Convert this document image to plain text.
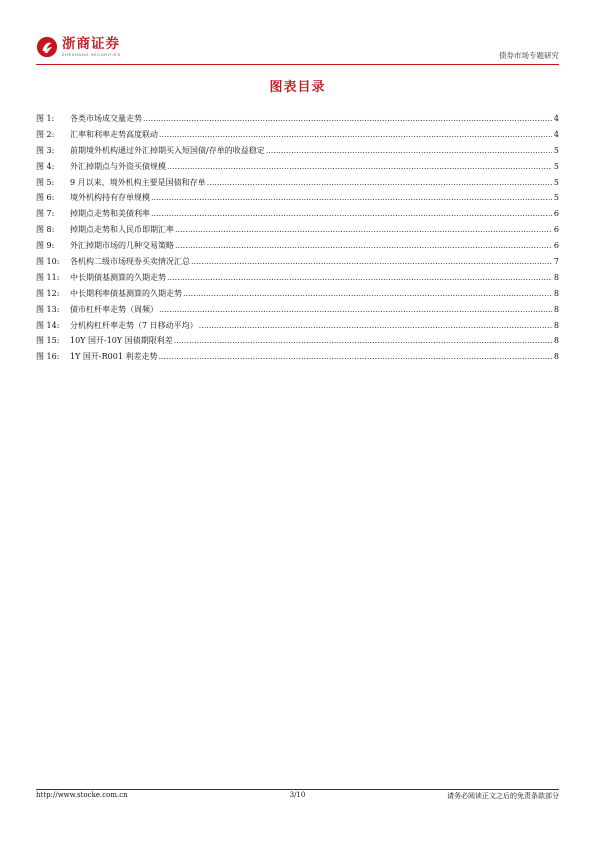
浙商证券
ZHESHANG SECURITIES	债券市场专题研究
图表目录
图 1:	各类市场成交量走势 .....	4
图 2:	汇率和利率走势高度联动 .....	4
图 3:	前期境外机构通过外汇掉期买入短国债/存单的收益稳定 .....	5
图 4:	外汇掉期点与外资买债规模 .....	5
图 5:	9 月以来，境外机构主要是国债和存单 .....	5
图 6:	境外机构持有存单规模 .....	5
图 7:	掉期点走势和美债利率 .....	6
图 8:	掉期点走势和人民币即期汇率 .....	6
图 9:	外汇掉期市场的几种交易策略 .....	6
图 10:	各机构二级市场现券买卖情况汇总 .....	7
图 11:	中长期债基测算的久期走势 .....	8
图 12:	中长期利率债基测算的久期走势 .....	8
图 13:	债市杠杆率走势（周频） .....	8
图 14:	分机构杠杆率走势（7 日移动平均） .....	8
图 15:	10Y 国开-10Y 国债期限利差 .....	8
图 16:	1Y 国开-R001 利差走势 .....	8
http://www.stocke.com.cn	3/10	请务必阅读正文之后的免责条款部分
